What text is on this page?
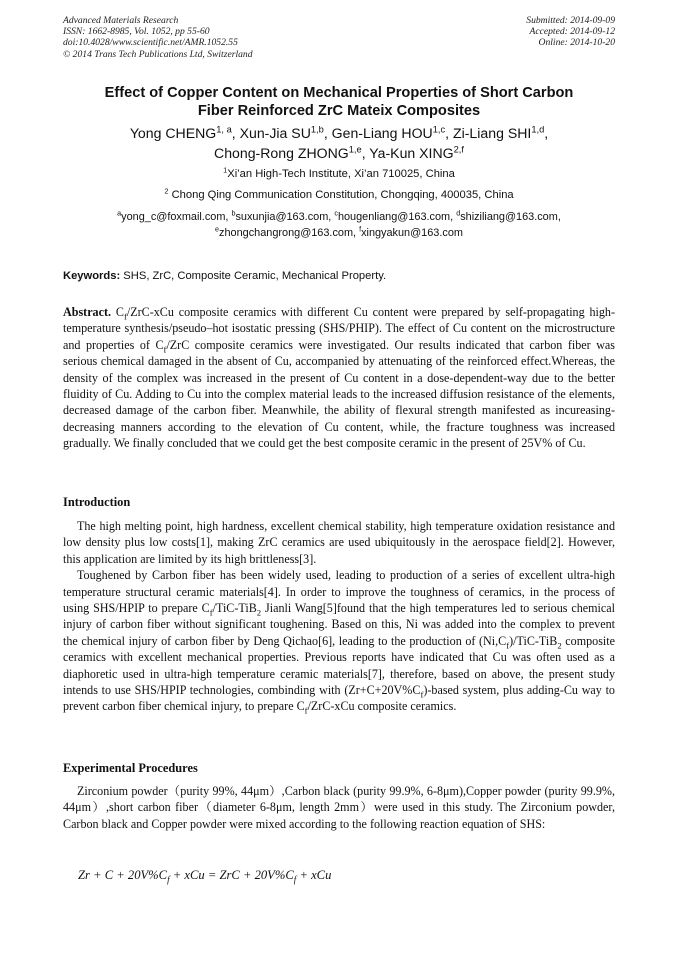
Advanced Materials Research
ISSN: 1662-8985, Vol. 1052, pp 55-60
doi:10.4028/www.scientific.net/AMR.1052.55
© 2014 Trans Tech Publications Ltd, Switzerland
Submitted: 2014-09-09
Accepted: 2014-09-12
Online: 2014-10-20
Effect of Copper Content on Mechanical Properties of Short Carbon
Fiber Reinforced ZrC Mateix Composites
Yong CHENG$^{1, a}$, Xun-Jia SU$^{1,b}$, Gen-Liang HOU$^{1,c}$, Zi-Liang SHI$^{1,d}$,
Chong-Rong ZHONG$^{1,e}$, Ya-Kun XING$^{2,f}$
$^1$Xi’an High-Tech Institute, Xi’an 710025, China
$^2$ Chong Qing Communication Constitution, Chongqing, 400035, China
$^a$yong_c@foxmail.com, $^b$suxunjia@163.com, $^c$hougenliang@163.com, $^d$shiziliang@163.com,
$^e$zhongchangrong@163.com, $^f$xingyakun@163.com
Keywords: SHS, ZrC, Composite Ceramic, Mechanical Property.

Abstract. $C_f/ZrC$-xCu composite ceramics with different Cu content were prepared by self-propagating high-temperature synthesis/pseudo–hot isostatic pressing (SHS/PHIP). The effect of Cu content on the microstructure and properties of $C_f$/ZrC composite ceramics were investigated. Our results indicated that carbon fiber was serious chemical damaged in the absent of Cu, accompanied by attenuating of the reinforced effect.Whereas, the density of the complex was increased in the present of Cu content in a dose-dependent-way due to the better fluidity of Cu. Adding to Cu into the complex material leads to the increased diffusion resistance of the elements, decreased damage of the carbon fiber. Meanwhile, the ability of flexural strength manifested as incureasing-decreasing manners according to the elevation of Cu content, while, the fracture toughness was increased gradually. We finally concluded that we could get the best composite ceramic in the present of 25V% of Cu.

Introduction

The high melting point, high hardness, excellent chemical stability, high temperature oxidation resistance and low density plus low costs[1], making ZrC ceramics are used ubiquitously in the aerospace field[2]. However, this application are limited by its high brittleness[3].

Toughened by Carbon fiber has been widely used, leading to production of a series of excellent ultra-high temperature structural ceramic materials[4]. In order to improve the toughness of ceramics, in the process of using SHS/HPIP to prepare $C_f/TiC-TiB_2$ Jianli Wang[5]found that the high temperatures led to serious chemical injury of carbon fiber without significant toughening. Based on this, Ni was added into the complex to prevent the chemical injury of carbon fiber by Deng Qichao[6], leading to the production of $(Ni,C_f)/TiC-TiB_2$ composite ceramics with excellent mechanical properties. Previous reports have indicated that Cu was often used as a diaphoretic used in ultra-high temperature ceramic materials[7], therefore, based on above, the present study intends to use SHS/HPIP technologies, combinding with $(Zr+C+20V\%C_f)$-based system, plus adding-Cu way to prevent carbon fiber chemical injury, to prepare $C_f/ZrC$-xCu composite ceramics.

Experimental Procedures

Zirconium powder（purity 99%, 44μm）,Carbon black (purity 99.9%, 6-8μm),Copper powder (purity 99.9%, 44μm）,short carbon fiber（diameter 6-8μm, length 2mm）were used in this study. The Zirconium powder, Carbon black and Copper powder were mixed according to the following reaction equation of SHS:

$Zr + C + 20V\%C_f$ + xCu = ZrC + $20V\%C_f$ + xCu
